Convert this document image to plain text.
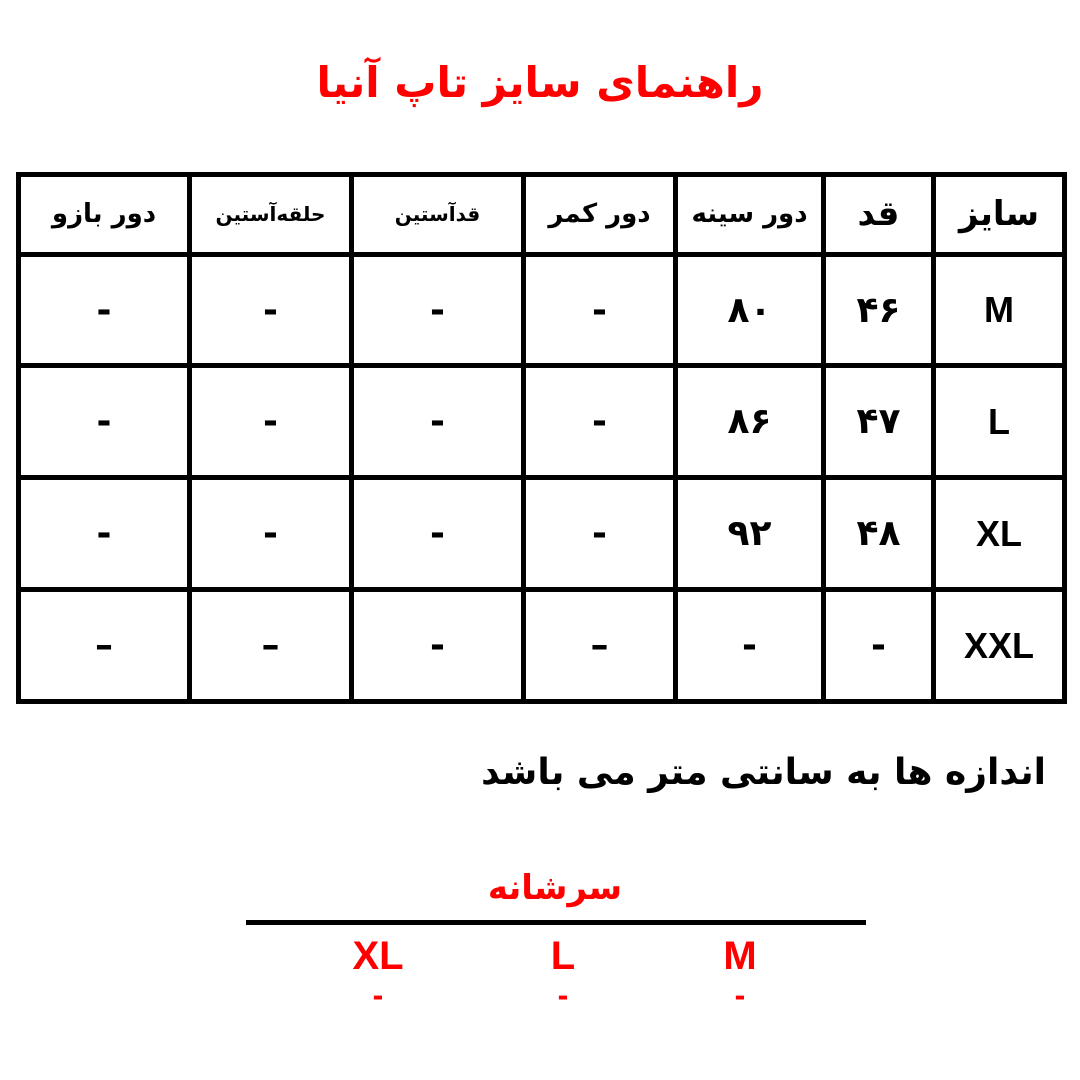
راهنمای سایز تاپ آنیا
سایز	قد	دور سینه	دور کمر	قدآستین	حلقه‌آستین	دور بازو
M	۴۶	۸۰	-	-	-	-
L	۴۷	۸۶	-	-	-	-
XL	۴۸	۹۲	-	-	-	-
XXL	-	-	–	-	–	–
اندازه ها به سانتی متر می باشد
سرشانه
M
-
L
-
XL
-
